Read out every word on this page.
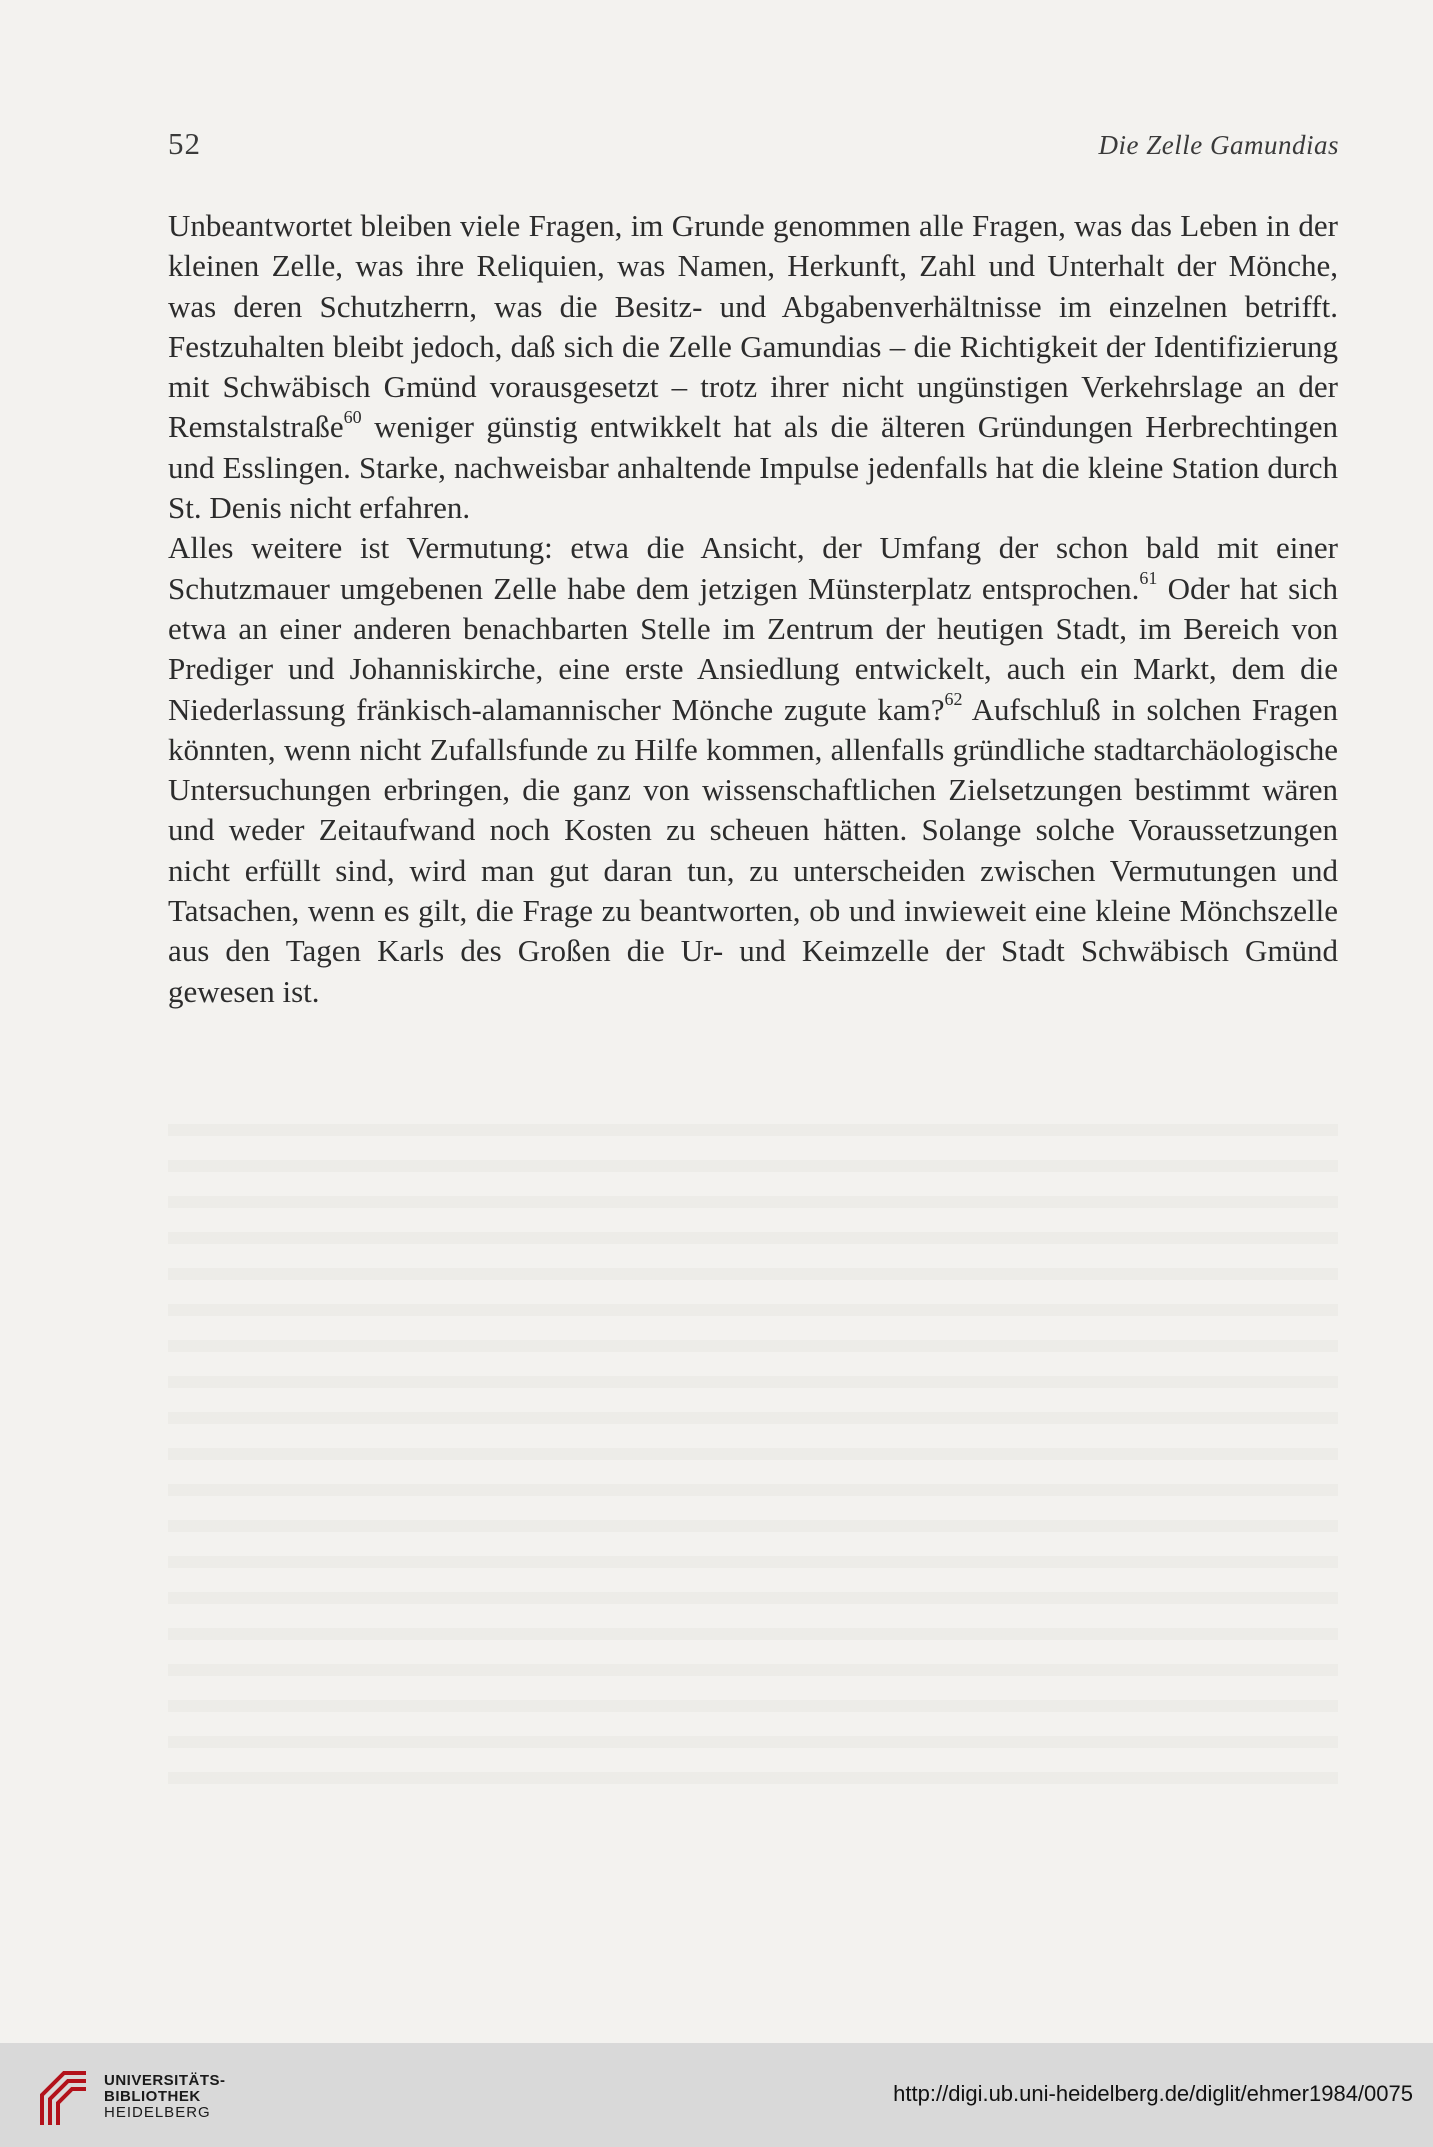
52	Die Zelle Gamundias

Unbeantwortet bleiben viele Fragen, im Grunde genommen alle Fragen, was das Leben in der kleinen Zelle, was ihre Reliquien, was Namen, Herkunft, Zahl und Unterhalt der Mönche, was deren Schutzherrn, was die Besitz- und Abgabenverhältnisse im einzelnen betrifft. Festzuhalten bleibt jedoch, daß sich die Zelle Gamundias – die Richtigkeit der Identifizierung mit Schwäbisch Gmünd vorausgesetzt – trotz ihrer nicht ungünstigen Verkehrslage an der Remstalstraße$^{60}$ weniger günstig entwikkelt hat als die älteren Gründungen Herbrechtingen und Esslingen. Starke, nachweisbar anhaltende Impulse jedenfalls hat die kleine Station durch St. Denis nicht erfahren.

Alles weitere ist Vermutung: etwa die Ansicht, der Umfang der schon bald mit einer Schutzmauer umgebenen Zelle habe dem jetzigen Münsterplatz entsprochen.$^{61}$ Oder hat sich etwa an einer anderen benachbarten Stelle im Zentrum der heutigen Stadt, im Bereich von Prediger und Johanniskirche, eine erste Ansiedlung entwickelt, auch ein Markt, dem die Niederlassung fränkisch-alamannischer Mönche zugute kam?$^{62}$ Aufschluß in solchen Fragen könnten, wenn nicht Zufallsfunde zu Hilfe kommen, allenfalls gründliche stadtarchäologische Untersuchungen erbringen, die ganz von wissenschaftlichen Zielsetzungen bestimmt wären und weder Zeitaufwand noch Kosten zu scheuen hätten. Solange solche Voraussetzungen nicht erfüllt sind, wird man gut daran tun, zu unterscheiden zwischen Vermutungen und Tatsachen, wenn es gilt, die Frage zu beantworten, ob und inwieweit eine kleine Mönchszelle aus den Tagen Karls des Großen die Ur- und Keimzelle der Stadt Schwäbisch Gmünd gewesen ist.

UNIVERSITÄTS-
BIBLIOTHEK
HEIDELBERG
http://digi.ub.uni-heidelberg.de/diglit/ehmer1984/0075
